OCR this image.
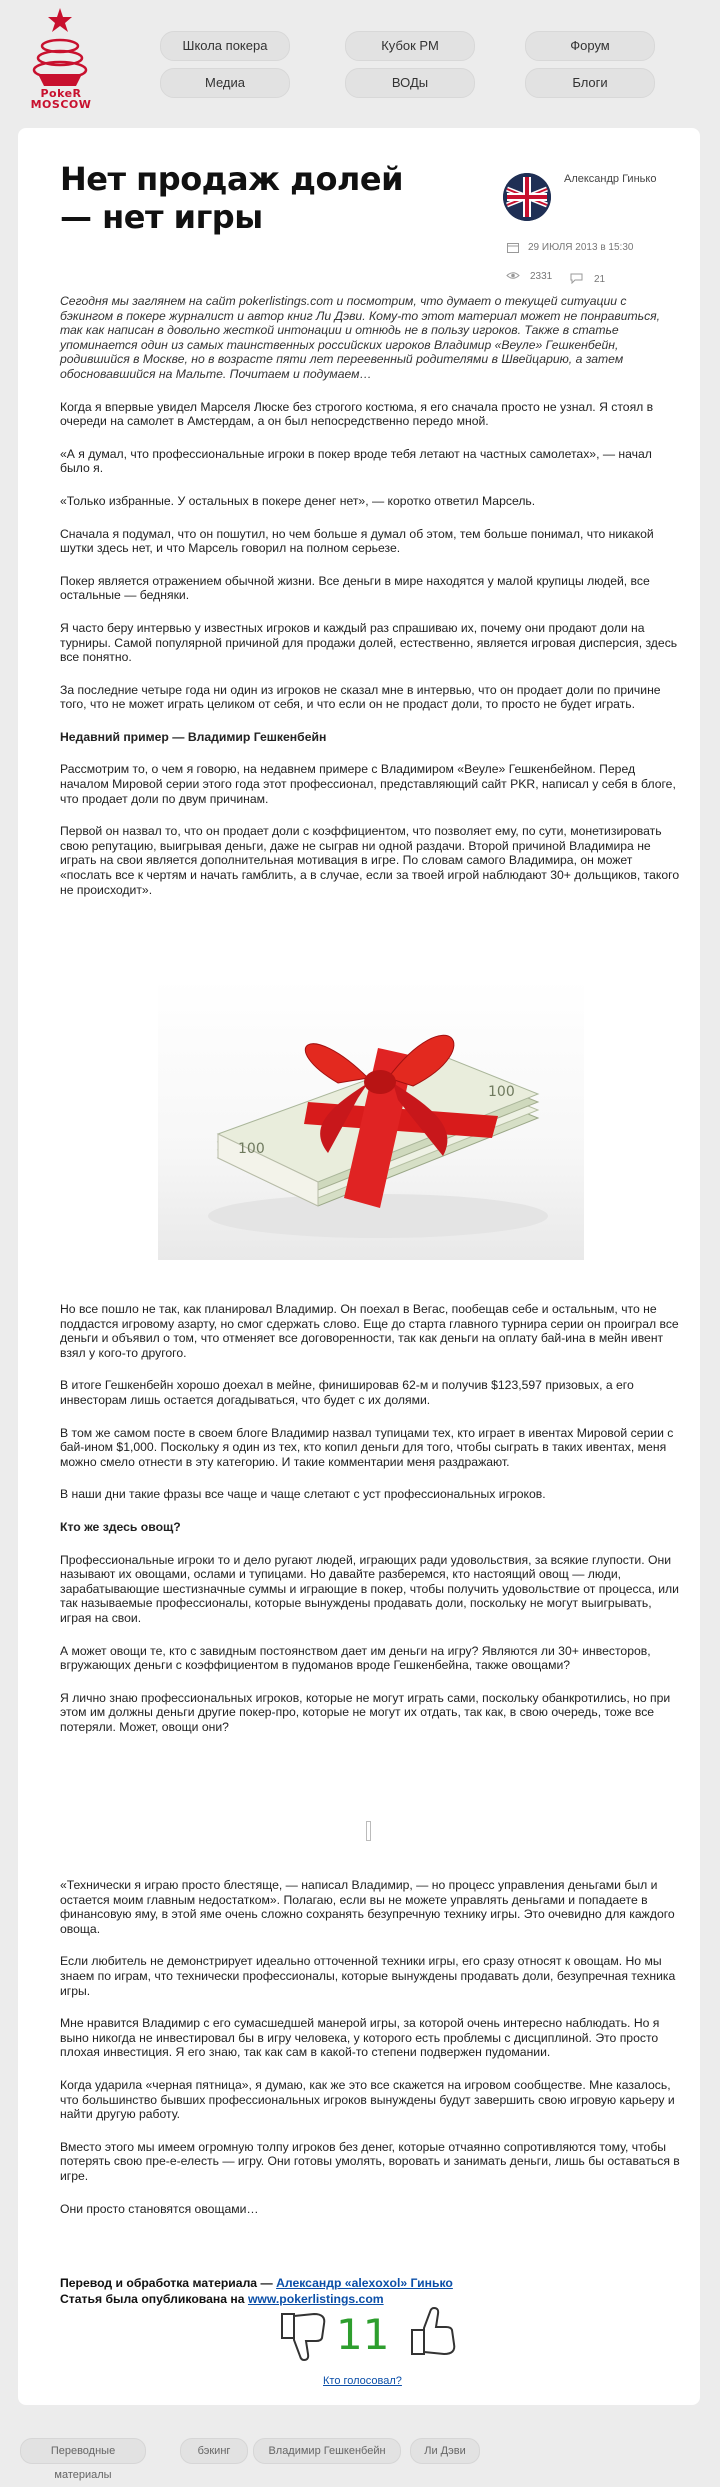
PokeR
MOSCOW
Школа покера	Кубок РМ	Форум
Медиа	ВОДы	Блоги
Нет продаж долей — нет игры
Александр Гинько
29 ИЮЛЯ 2013 в 15:30
2331	21

Сегодня мы заглянем на сайт pokerlistings.com и посмотрим, что думает о текущей ситуации с бэкингом в покере журналист и автор книг Ли Дэви. Кому-то этот материал может не понравиться, так как написан в довольно жесткой интонации и отнюдь не в пользу игроков. Также в статье упоминается один из самых таинственных российских игроков Владимир «Веуле» Гешкенбейн, родившийся в Москве, но в возрасте пяти лет переевенный родителями в Швейцарию, а затем обосновавшийся на Мальте. Почитаем и подумаем…

Когда я впервые увидел Марселя Люске без строгого костюма, я его сначала просто не узнал. Я стоял в очереди на самолет в Амстердам, а он был непосредственно передо мной.

«А я думал, что профессиональные игроки в покер вроде тебя летают на частных самолетах», — начал было я.

«Только избранные. У остальных в покере денег нет», — коротко ответил Марсель.

Сначала я подумал, что он пошутил, но чем больше я думал об этом, тем больше понимал, что никакой шутки здесь нет, и что Марсель говорил на полном серьезе.

Покер является отражением обычной жизни. Все деньги в мире находятся у малой крупицы людей, все остальные — бедняки.

Я часто беру интервью у известных игроков и каждый раз спрашиваю их, почему они продают доли на турниры. Самой популярной причиной для продажи долей, естественно, является игровая дисперсия, здесь все понятно.

За последние четыре года ни один из игроков не сказал мне в интервью, что он продает доли по причине того, что не может играть целиком от себя, и что если он не продаст доли, то просто не будет играть.

Недавний пример — Владимир Гешкенбейн

Рассмотрим то, о чем я говорю, на недавнем примере с Владимиром «Веуле» Гешкенбейном. Перед началом Мировой серии этого года этот профессионал, представляющий сайт PKR, написал у себя в блоге, что продает доли по двум причинам.

Первой он назвал то, что он продает доли с коэффициентом, что позволяет ему, по сути, монетизировать свою репутацию, выигрывая деньги, даже не сыграв ни одной раздачи. Второй причиной Владимира не играть на свои является дополнительная мотивация в игре. По словам самого Владимира, он может «послать все к чертям и начать гамблить, а в случае, если за твоей игрой наблюдают 30+ дольщиков, такого не происходит».

100
100

Но все пошло не так, как планировал Владимир. Он поехал в Вегас, пообещав себе и остальным, что не поддастся игровому азарту, но смог сдержать слово. Еще до старта главного турнира серии он проиграл все деньги и объявил о том, что отменяет все договоренности, так как деньги на оплату бай-ина в мейн ивент взял у кого-то другого.

В итоге Гешкенбейн хорошо доехал в мейне, финишировав 62-м и получив $123,597 призовых, а его инвесторам лишь остается догадываться, что будет с их долями.

В том же самом посте в своем блоге Владимир назвал тупицами тех, кто играет в ивентах Мировой серии с бай-ином $1,000. Поскольку я один из тех, кто копил деньги для того, чтобы сыграть в таких ивентах, меня можно смело отнести в эту категорию. И такие комментарии меня раздражают.

В наши дни такие фразы все чаще и чаще слетают с уст профессиональных игроков.

Кто же здесь овощ?

Профессиональные игроки то и дело ругают людей, играющих ради удовольствия, за всякие глупости. Они называют их овощами, ослами и тупицами. Но давайте разберемся, кто настоящий овощ — люди, зарабатывающие шестизначные суммы и играющие в покер, чтобы получить удовольствие от процесса, или так называемые профессионалы, которые вынуждены продавать доли, поскольку не могут выигрывать, играя на свои.

А может овощи те, кто с завидным постоянством дает им деньги на игру? Являются ли 30+ инвесторов, вгружающих деньги с коэффициентом в пудоманов вроде Гешкенбейна, также овощами?

Я лично знаю профессиональных игроков, которые не могут играть сами, поскольку обанкротились, но при этом им должны деньги другие покер-про, которые не могут их отдать, так как, в свою очередь, тоже все потеряли. Может, овощи они?

«Технически я играю просто блестяще, — написал Владимир, — но процесс управления деньгами был и остается моим главным недостатком». Полагаю, если вы не можете управлять деньгами и попадаете в финансовую яму, в этой яме очень сложно сохранять безупречную технику игры. Это очевидно для каждого овоща.

Если любитель не демонстрирует идеально отточенной техники игры, его сразу относят к овощам. Но мы знаем по играм, что технически профессионалы, которые вынуждены продавать доли, безупречная техника игры.

Мне нравится Владимир с его сумасшедшей манерой игры, за которой очень интересно наблюдать. Но я выно никогда не инвестировал бы в игру человека, у которого есть проблемы с дисциплиной. Это просто плохая инвестиция. Я его знаю, так как сам в какой-то степени подвержен пудомании.

Когда ударила «черная пятница», я думаю, как же это все скажется на игровом сообществе. Мне казалось, что большинство бывших профессиональных игроков вынуждены будут завершить свою игровую карьеру и найти другую работу.

Вместо этого мы имеем огромную толпу игроков без денег, которые отчаянно сопротивляются тому, чтобы потерять свою пре-е-елесть — игру. Они готовы умолять, воровать и занимать деньги, лишь бы оставаться в игре.

Они просто становятся овощами…

Перевод и обработка материала — Александр «alexoxol» Гинько
Статья была опубликована на www.pokerlistings.com
11
Кто голосовал?
Переводные материалы
бэкинг	Владимир Гешкенбейн	Ли Дэви
